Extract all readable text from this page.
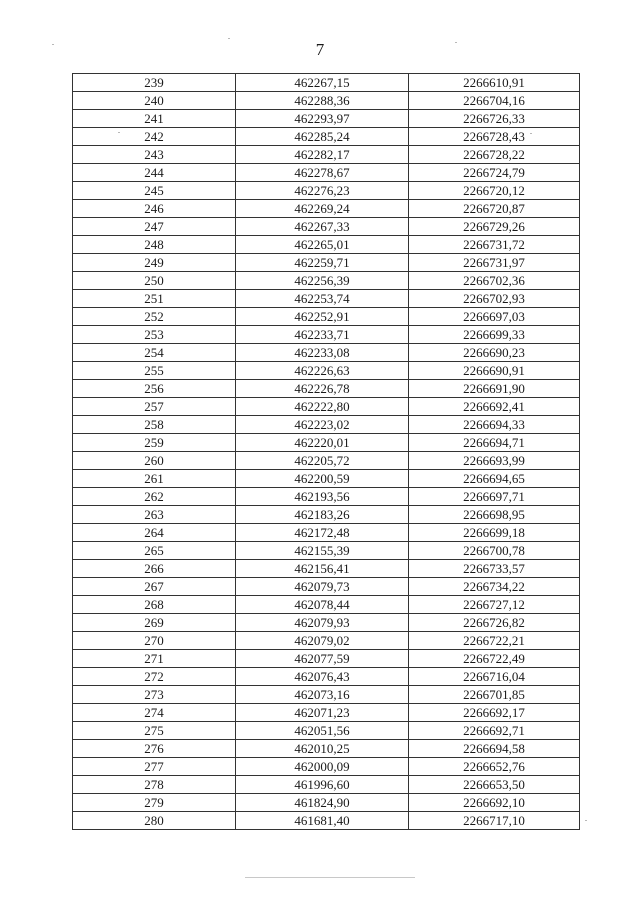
7
239	462267,15	2266610,91
240	462288,36	2266704,16
241	462293,97	2266726,33
242	462285,24	2266728,43
243	462282,17	2266728,22
244	462278,67	2266724,79
245	462276,23	2266720,12
246	462269,24	2266720,87
247	462267,33	2266729,26
248	462265,01	2266731,72
249	462259,71	2266731,97
250	462256,39	2266702,36
251	462253,74	2266702,93
252	462252,91	2266697,03
253	462233,71	2266699,33
254	462233,08	2266690,23
255	462226,63	2266690,91
256	462226,78	2266691,90
257	462222,80	2266692,41
258	462223,02	2266694,33
259	462220,01	2266694,71
260	462205,72	2266693,99
261	462200,59	2266694,65
262	462193,56	2266697,71
263	462183,26	2266698,95
264	462172,48	2266699,18
265	462155,39	2266700,78
266	462156,41	2266733,57
267	462079,73	2266734,22
268	462078,44	2266727,12
269	462079,93	2266726,82
270	462079,02	2266722,21
271	462077,59	2266722,49
272	462076,43	2266716,04
273	462073,16	2266701,85
274	462071,23	2266692,17
275	462051,56	2266692,71
276	462010,25	2266694,58
277	462000,09	2266652,76
278	461996,60	2266653,50
279	461824,90	2266692,10
280	461681,40	2266717,10
